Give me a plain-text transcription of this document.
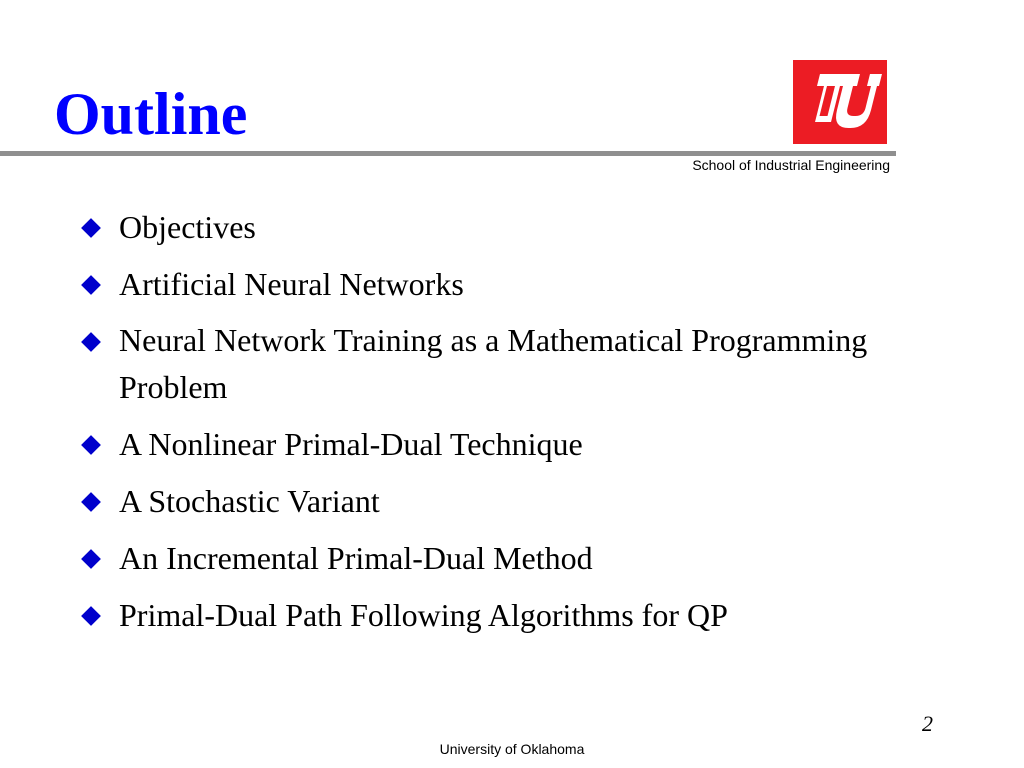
Outline
School of Industrial Engineering
Objectives
Artificial Neural Networks
Neural Network Training as a Mathematical Programming Problem
A Nonlinear Primal-Dual Technique
A Stochastic Variant
An Incremental Primal-Dual Method
Primal-Dual Path Following Algorithms for QP
2
University of Oklahoma
